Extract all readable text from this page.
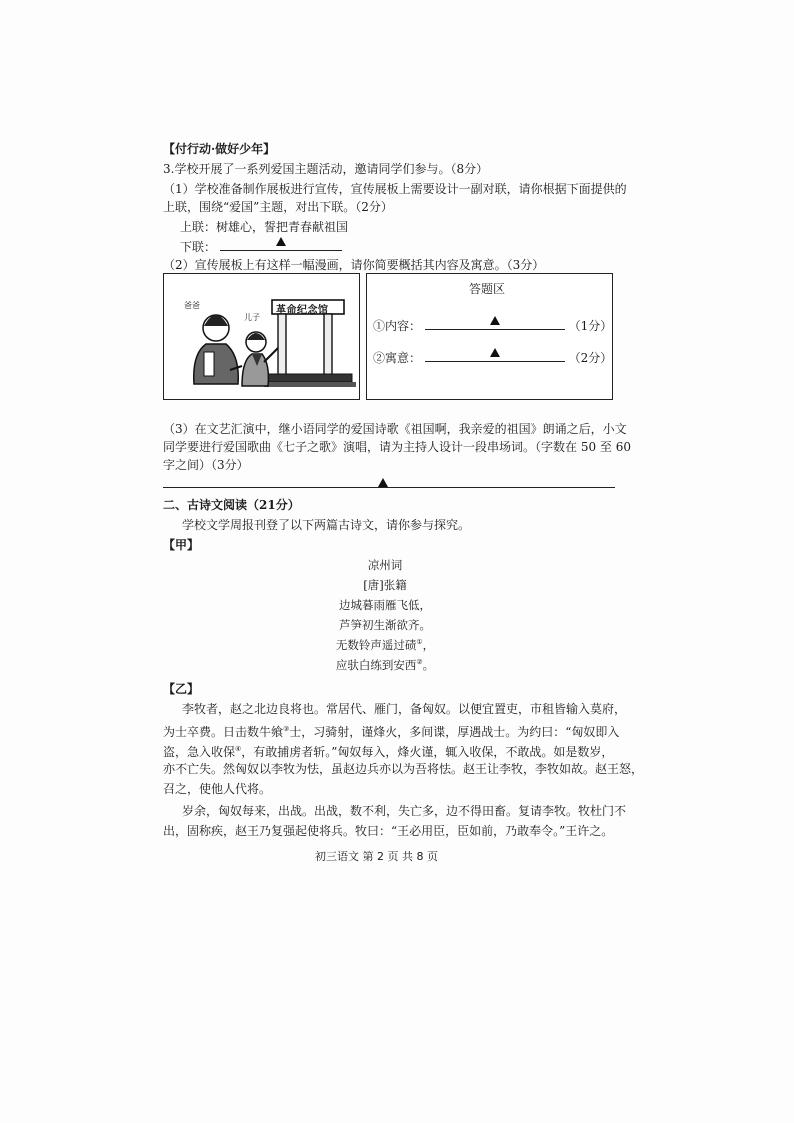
【付行动·做好少年】
3.学校开展了一系列爱国主题活动，邀请同学们参与。（8分）
（1）学校准备制作展板进行宣传，宣传展板上需要设计一副对联，请你根据下面提供的
上联，围绕“爱国”主题，对出下联。（2分）
上联：树雄心，誓把青春献祖国
下联：
（2）宣传展板上有这样一幅漫画，请你简要概括其内容及寓意。（3分）
爸爸
儿子
革命纪念馆
答题区
①内容：	（1分）
②寓意：	（2分）
（3）在文艺汇演中，继小语同学的爱国诗歌《祖国啊，我亲爱的祖国》朗诵之后，小文
同学要进行爱国歌曲《七子之歌》演唱，请为主持人设计一段串场词。（字数在 50 至 60
字之间）（3分）
二、古诗文阅读（21分）
学校文学周报刊登了以下两篇古诗文，请你参与探究。
【甲】
凉州词
[唐]张籍
边城暮雨雁飞低，
芦笋初生渐欲齐。
无数铃声遥过碛①，
应驮白练到安西②。
【乙】
李牧者，赵之北边良将也。常居代、雁门，备匈奴。以便宜置吏，市租皆输入莫府，
为士卒费。日击数牛飨③士，习骑射，谨烽火，多间谍，厚遇战士。为约曰：“匈奴即入
盗，急入收保④，有敢捕虏者斩。”匈奴每入，烽火谨，辄入收保，不敢战。如是数岁，
亦不亡失。然匈奴以李牧为怯，虽赵边兵亦以为吾将怯。赵王让李牧，李牧如故。赵王怒，
召之，使他人代将。
岁余，匈奴每来，出战。出战，数不利，失亡多，边不得田畜。复请李牧。牧杜门不
出，固称疾，赵王乃复强起使将兵。牧曰：“王必用臣，臣如前，乃敢奉令。”王许之。
初三语文 第 2 页 共 8 页
